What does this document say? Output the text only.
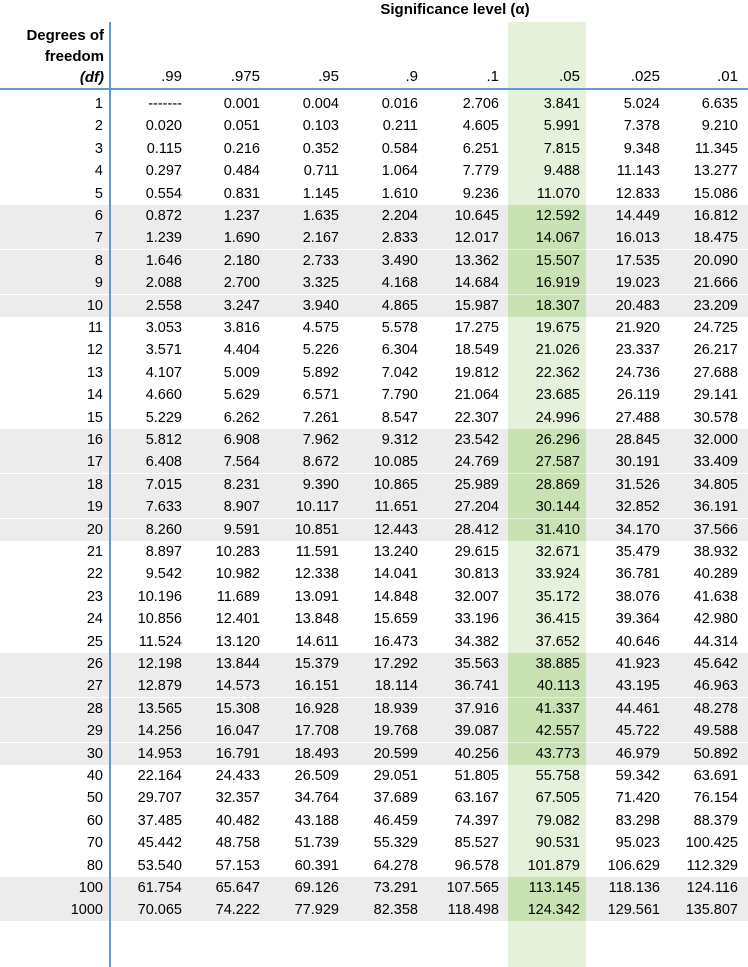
Significance level (α)
Degrees of
freedom
(df)	.99	.975	.95	.9	.1	.05	.025	.01
1	-------	0.001	0.004	0.016	2.706	3.841	5.024	6.635
2	0.020	0.051	0.103	0.211	4.605	5.991	7.378	9.210
3	0.115	0.216	0.352	0.584	6.251	7.815	9.348	11.345
4	0.297	0.484	0.711	1.064	7.779	9.488	11.143	13.277
5	0.554	0.831	1.145	1.610	9.236	11.070	12.833	15.086
6	0.872	1.237	1.635	2.204	10.645	12.592	14.449	16.812
7	1.239	1.690	2.167	2.833	12.017	14.067	16.013	18.475
8	1.646	2.180	2.733	3.490	13.362	15.507	17.535	20.090
9	2.088	2.700	3.325	4.168	14.684	16.919	19.023	21.666
10	2.558	3.247	3.940	4.865	15.987	18.307	20.483	23.209
11	3.053	3.816	4.575	5.578	17.275	19.675	21.920	24.725
12	3.571	4.404	5.226	6.304	18.549	21.026	23.337	26.217
13	4.107	5.009	5.892	7.042	19.812	22.362	24.736	27.688
14	4.660	5.629	6.571	7.790	21.064	23.685	26.119	29.141
15	5.229	6.262	7.261	8.547	22.307	24.996	27.488	30.578
16	5.812	6.908	7.962	9.312	23.542	26.296	28.845	32.000
17	6.408	7.564	8.672	10.085	24.769	27.587	30.191	33.409
18	7.015	8.231	9.390	10.865	25.989	28.869	31.526	34.805
19	7.633	8.907	10.117	11.651	27.204	30.144	32.852	36.191
20	8.260	9.591	10.851	12.443	28.412	31.410	34.170	37.566
21	8.897	10.283	11.591	13.240	29.615	32.671	35.479	38.932
22	9.542	10.982	12.338	14.041	30.813	33.924	36.781	40.289
23	10.196	11.689	13.091	14.848	32.007	35.172	38.076	41.638
24	10.856	12.401	13.848	15.659	33.196	36.415	39.364	42.980
25	11.524	13.120	14.611	16.473	34.382	37.652	40.646	44.314
26	12.198	13.844	15.379	17.292	35.563	38.885	41.923	45.642
27	12.879	14.573	16.151	18.114	36.741	40.113	43.195	46.963
28	13.565	15.308	16.928	18.939	37.916	41.337	44.461	48.278
29	14.256	16.047	17.708	19.768	39.087	42.557	45.722	49.588
30	14.953	16.791	18.493	20.599	40.256	43.773	46.979	50.892
40	22.164	24.433	26.509	29.051	51.805	55.758	59.342	63.691
50	29.707	32.357	34.764	37.689	63.167	67.505	71.420	76.154
60	37.485	40.482	43.188	46.459	74.397	79.082	83.298	88.379
70	45.442	48.758	51.739	55.329	85.527	90.531	95.023	100.425
80	53.540	57.153	60.391	64.278	96.578	101.879	106.629	112.329
100	61.754	65.647	69.126	73.291	107.565	113.145	118.136	124.116
1000	70.065	74.222	77.929	82.358	118.498	124.342	129.561	135.807
